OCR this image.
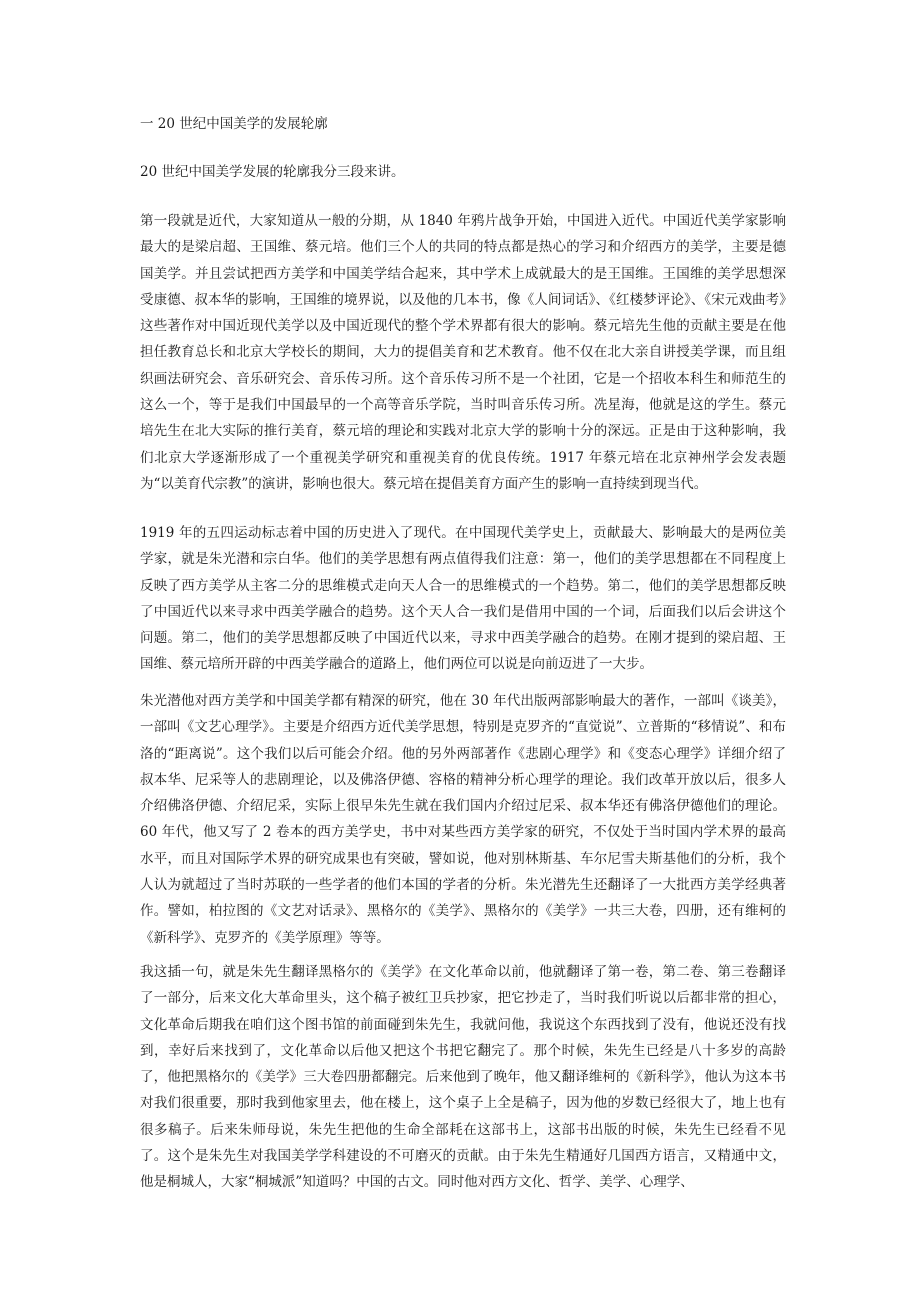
一 20 世纪中国美学的发展轮廓

20 世纪中国美学发展的轮廓我分三段来讲。

第一段就是近代，大家知道从一般的分期，从 1840 年鸦片战争开始，中国进入近代。中国近代美学家影响最大的是梁启超、王国维、蔡元培。他们三个人的共同的特点都是热心的学习和介绍西方的美学，主要是德国美学。并且尝试把西方美学和中国美学结合起来，其中学术上成就最大的是王国维。王国维的美学思想深受康德、叔本华的影响，王国维的境界说，以及他的几本书，像《人间词话》、《红楼梦评论》、《宋元戏曲考》这些著作对中国近现代美学以及中国近现代的整个学术界都有很大的影响。蔡元培先生他的贡献主要是在他担任教育总长和北京大学校长的期间，大力的提倡美育和艺术教育。他不仅在北大亲自讲授美学课，而且组织画法研究会、音乐研究会、音乐传习所。这个音乐传习所不是一个社团，它是一个招收本科生和师范生的这么一个，等于是我们中国最早的一个高等音乐学院，当时叫音乐传习所。冼星海，他就是这的学生。蔡元培先生在北大实际的推行美育，蔡元培的理论和实践对北京大学的影响十分的深远。正是由于这种影响，我们北京大学逐渐形成了一个重视美学研究和重视美育的优良传统。1917 年蔡元培在北京神州学会发表题为“以美育代宗教”的演讲，影响也很大。蔡元培在提倡美育方面产生的影响一直持续到现当代。

1919 年的五四运动标志着中国的历史进入了现代。在中国现代美学史上，贡献最大、影响最大的是两位美学家，就是朱光潜和宗白华。他们的美学思想有两点值得我们注意：第一，他们的美学思想都在不同程度上反映了西方美学从主客二分的思维模式走向天人合一的思维模式的一个趋势。第二，他们的美学思想都反映了中国近代以来寻求中西美学融合的趋势。这个天人合一我们是借用中国的一个词，后面我们以后会讲这个问题。第二，他们的美学思想都反映了中国近代以来，寻求中西美学融合的趋势。在刚才提到的梁启超、王国维、蔡元培所开辟的中西美学融合的道路上，他们两位可以说是向前迈进了一大步。

朱光潜他对西方美学和中国美学都有精深的研究，他在 30 年代出版两部影响最大的著作，一部叫《谈美》，一部叫《文艺心理学》。主要是介绍西方近代美学思想，特别是克罗齐的“直觉说”、立普斯的“移情说”、和布洛的“距离说”。这个我们以后可能会介绍。他的另外两部著作《悲剧心理学》和《变态心理学》详细介绍了叔本华、尼采等人的悲剧理论，以及佛洛伊德、容格的精神分析心理学的理论。我们改革开放以后，很多人介绍佛洛伊德、介绍尼采，实际上很早朱先生就在我们国内介绍过尼采、叔本华还有佛洛伊德他们的理论。60 年代，他又写了 2 卷本的西方美学史，书中对某些西方美学家的研究，不仅处于当时国内学术界的最高水平，而且对国际学术界的研究成果也有突破，譬如说，他对别林斯基、车尔尼雪夫斯基他们的分析，我个人认为就超过了当时苏联的一些学者的他们本国的学者的分析。朱光潜先生还翻译了一大批西方美学经典著作。譬如，柏拉图的《文艺对话录》、黑格尔的《美学》、黑格尔的《美学》一共三大卷，四册，还有维柯的《新科学》、克罗齐的《美学原理》等等。

我这插一句，就是朱先生翻译黑格尔的《美学》在文化革命以前，他就翻译了第一卷，第二卷、第三卷翻译了一部分，后来文化大革命里头，这个稿子被红卫兵抄家，把它抄走了，当时我们听说以后都非常的担心，文化革命后期我在咱们这个图书馆的前面碰到朱先生，我就问他，我说这个东西找到了没有，他说还没有找到，幸好后来找到了，文化革命以后他又把这个书把它翻完了。那个时候，朱先生已经是八十多岁的高龄了，他把黑格尔的《美学》三大卷四册都翻完。后来他到了晚年，他又翻译维柯的《新科学》，他认为这本书对我们很重要，那时我到他家里去，他在楼上，这个桌子上全是稿子，因为他的岁数已经很大了，地上也有很多稿子。后来朱师母说，朱先生把他的生命全部耗在这部书上，这部书出版的时候，朱先生已经看不见了。这个是朱先生对我国美学学科建设的不可磨灭的贡献。由于朱先生精通好几国西方语言，又精通中文，他是桐城人，大家“桐城派”知道吗？中国的古文。同时他对西方文化、哲学、美学、心理学、
